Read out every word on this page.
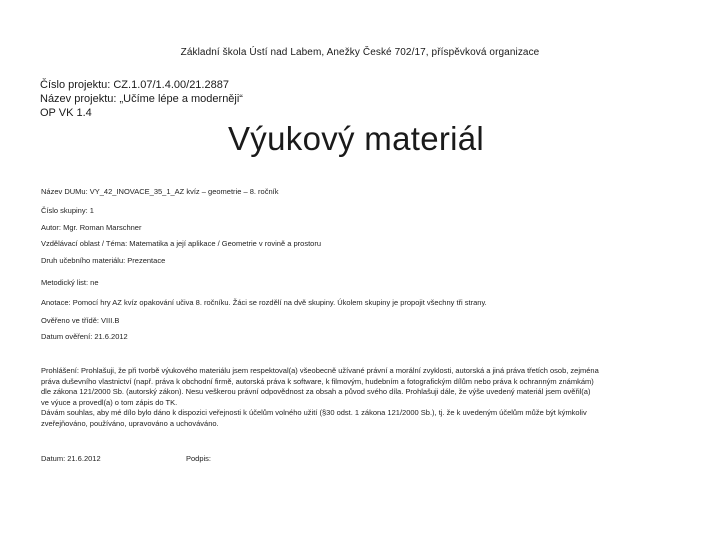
Základní škola Ústí nad Labem, Anežky České 702/17, příspěvková organizace
Číslo projektu: CZ.1.07/1.4.00/21.2887
Název projektu: „Učíme lépe a moderněji“
OP VK 1.4
Výukový materiál
Název DUMu: VY_42_INOVACE_35_1_AZ kvíz – geometrie – 8. ročník
Číslo skupiny: 1
Autor: Mgr. Roman Marschner
Vzdělávací oblast / Téma: Matematika a její aplikace / Geometrie v rovině a prostoru
Druh učebního materiálu: Prezentace
Metodický list: ne
Anotace: Pomocí hry AZ kvíz opakování učiva 8. ročníku. Žáci se rozdělí na dvě skupiny. Úkolem skupiny je propojit všechny tři strany.
Ověřeno ve třídě: VIII.B
Datum ověření: 21.6.2012
Prohlášení: Prohlašuji, že při tvorbě výukového materiálu jsem respektoval(a) všeobecně užívané právní a morální zvyklosti, autorská a jiná práva třetích osob, zejména
práva duševního vlastnictví (např. práva k obchodní firmě, autorská práva k software, k filmovým, hudebním a fotografickým dílům nebo práva k ochranným známkám)
dle zákona 121/2000 Sb. (autorský zákon). Nesu veškerou právní odpovědnost za obsah a původ svého díla. Prohlašuji dále, že výše uvedený materiál jsem ověřil(a)
ve výuce a provedl(a) o tom zápis do TK.
Dávám souhlas, aby mé dílo bylo dáno k dispozici veřejnosti k účelům volného užití (§30 odst. 1 zákona 121/2000 Sb.), tj. že k uvedeným účelům může být kýmkoliv
zveřejňováno, používáno, upravováno a uchováváno.
Datum: 21.6.2012	Podpis:
